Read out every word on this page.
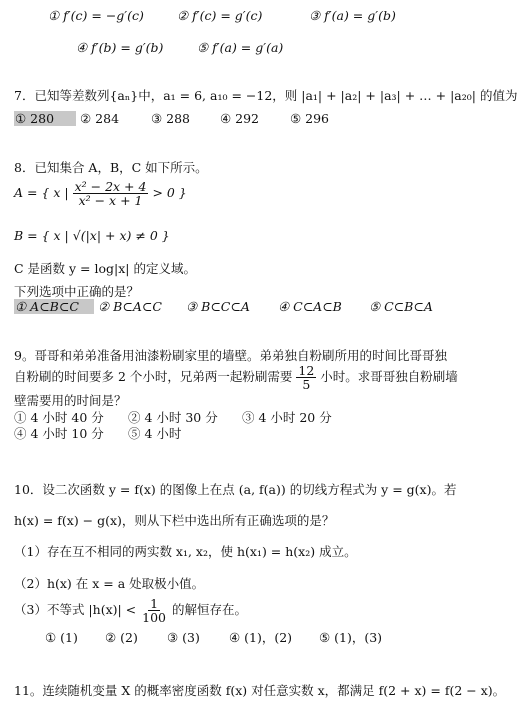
① f′(c) = −g′(c)	② f′(c) = g′(c)	③ f′(a) = g′(b)
④ f′(b) = g′(b)	⑤ f′(a) = g′(a)
7．已知等差数列{aₙ}中，a₁ = 6, a₁₀ = −12，则 |a₁| + |a₂| + |a₃| + … + |a₂₀| 的值为
① 280 ② 284	③ 288 ④ 292 ⑤ 296
8．已知集合 A，B，C 如下所示。
A = { x | $\frac{\text{x² − 2x + 4}}{\text{x² − x + 1}} > 0$ }
B = { x | √(|x| + x) ≠ 0 }
C 是函数 y = log|x| 的定义域。
下列选项中正确的是？
① A⊂B⊂C ② B⊂A⊂C ③ B⊂C⊂A ④ C⊂A⊂B ⑤ C⊂B⊂A
9。哥哥和弟弟准备用油漆粉刷家里的墙壁。弟弟独自粉刷所用的时间比哥哥独
自粉刷的时间要多 2 个小时，兄弟两一起粉刷需要 $\frac{12}{5}$ 小时。求哥哥独自粉刷墙
壁需要用的时间是？
① 4 小时 40 分 ② 4 小时 30 分 ③ 4 小时 20 分
④ 4 小时 10 分 ⑤ 4 小时
10．设二次函数 y = f(x) 的图像上在点 (a, f(a)) 的切线方程式为 y = g(x)。若
h(x) = f(x) − g(x)，则从下栏中选出所有正确选项的是？
（1）存在互不相同的两实数 x₁, x₂，使 h(x₁) = h(x₂) 成立。
（2）h(x) 在 x = a 处取极小值。
（3）不等式 $|h(x)| < \frac{1}{100}$ 的解恒存在。
① (1) ② (2) ③ (3) ④ (1)，(2) ⑤ (1)，(3)
11。连续随机变量 X 的概率密度函数 f(x) 对任意实数 x，都满足 f(2 + x) = f(2 − x)。
